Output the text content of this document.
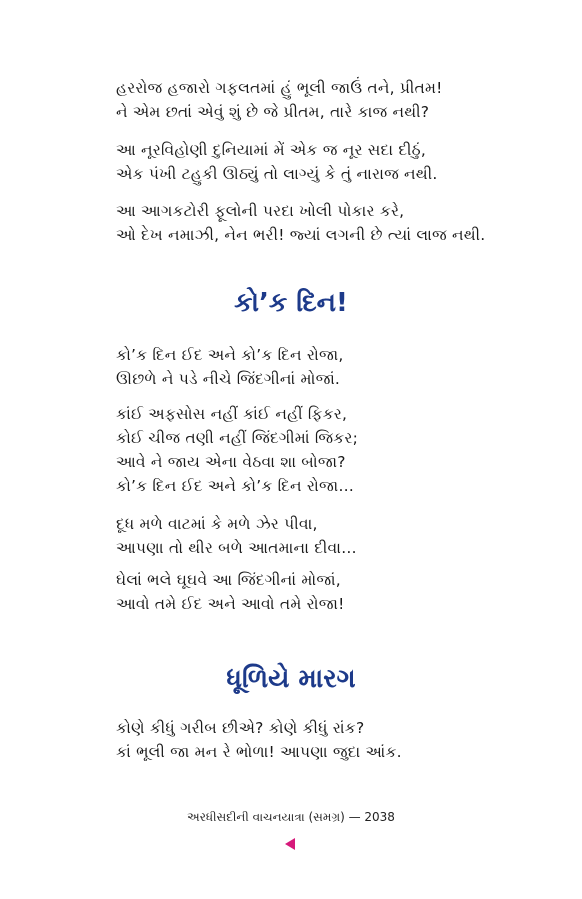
હરરોજ હજારો ગફલતમાં હું ભૂલી જાઉં તને, પ્રીતમ!
ને એમ છતાં એવું શું છે જે પ્રીતમ, તારે કાજ નથી?
આ નૂરવિહોણી દુનિયામાં મેં એક જ નૂર સદા દીઠું,
એક પંખી ટહુકી ઊઠ્યું તો લાગ્યું કે તું નારાજ નથી.
આ આગકટોરી ફૂલોની પરદા ખોલી પોકાર કરે,
ઓ દેખ નમાઝી, નેન ભરી! જ્યાં લગની છે ત્યાં લાજ નથી.
કો’ક દિન!
કો’ક દિન ઈદ અને કો’ક દિન રોજા,
ઊછળે ને પડે નીચે જિંદગીનાં મોજાં.
કાંઈ અફસોસ નહીં કાંઈ નહીં ફિકર,
કોઈ ચીજ તણી નહીં જિંદગીમાં જિકર;
આવે ને જાય એના વેઠવા શા બોજા?
કો’ક દિન ઈદ અને કો’ક દિન રોજા…
દૂધ મળે વાટમાં કે મળે ઝેર પીવા,
આપણા તો થીર બળે આતમાના દીવા…
ઘેલાં ભલે ઘૂઘવે આ જિંદગીનાં મોજાં,
આવો તમે ઈદ અને આવો તમે રોજા!
ધૂળિયે મારગ
કોણે કીધું ગરીબ છીએ? કોણે કીધું રાંક?
કાં ભૂલી જા મન રે ભોળા! આપણા જુદા આંક.
અરધીસદીની વાચનયાત્રા (સમગ્ર) — 2038
